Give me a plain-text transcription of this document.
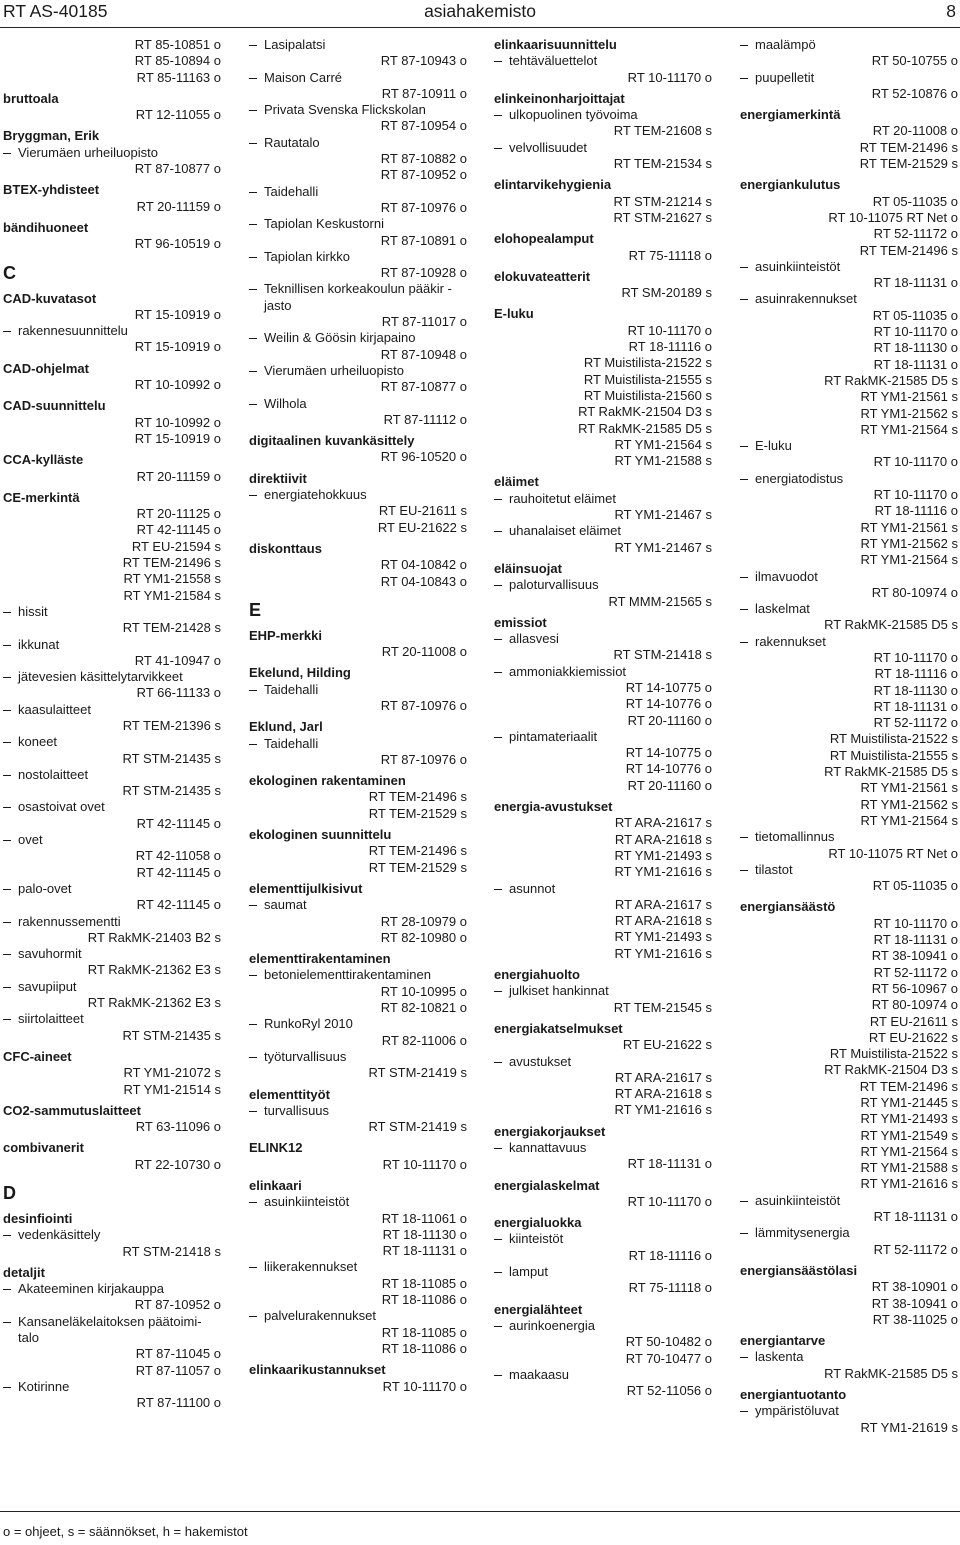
RT AS-40185	asiahakemisto	8
RT 85-10851 o
RT 85-10894 o
RT 85-11163 o
bruttoala
RT 12-11055 o
Bryggman, Erik
Vierumäen urheiluopisto
RT 87-10877 o
BTEX-yhdisteet
RT 20-11159 o
bändihuoneet
RT 96-10519 o
C
CAD-kuvatasot
RT 15-10919 o
rakennesuunnittelu
RT 15-10919 o
CAD-ohjelmat
RT 10-10992 o
CAD-suunnittelu
RT 10-10992 o
RT 15-10919 o
CCA-kylläste
RT 20-11159 o
CE-merkintä
RT 20-11125 o
RT 42-11145 o
RT EU-21594 s
RT TEM-21496 s
RT YM1-21558 s
RT YM1-21584 s
hissit
RT TEM-21428 s
ikkunat
RT 41-10947 o
jätevesien käsittelytarvikkeet
RT 66-11133 o
kaasulaitteet
RT TEM-21396 s
koneet
RT STM-21435 s
nostolaitteet
RT STM-21435 s
osastoivat ovet
RT 42-11145 o
ovet
RT 42-11058 o
RT 42-11145 o
palo-ovet
RT 42-11145 o
rakennussementti
RT RakMK-21403 B2 s
savuhormit
RT RakMK-21362 E3 s
savupiiput
RT RakMK-21362 E3 s
siirtolaitteet
RT STM-21435 s
CFC-aineet
RT YM1-21072 s
RT YM1-21514 s
CO2-sammutuslaitteet
RT 63-11096 o
combivanerit
RT 22-10730 o
D
desinfiointi
vedenkäsittely
RT STM-21418 s
detaljit
Akateeminen kirjakauppa
RT 87-10952 o
Kansaneläkelaitoksen päätoimi-
talo
RT 87-11045 o
RT 87-11057 o
Kotirinne
RT 87-11100 o
Lasipalatsi
RT 87-10943 o
Maison Carré
RT 87-10911 o
Privata Svenska Flickskolan
RT 87-10954 o
Rautatalo
RT 87-10882 o
RT 87-10952 o
Taidehalli
RT 87-10976 o
Tapiolan Keskustorni
RT 87-10891 o
Tapiolan kirkko
RT 87-10928 o
Teknillisen korkeakoulun pääkir -
jasto
RT 87-11017 o
Weilin & Göösin kirjapaino
RT 87-10948 o
Vierumäen urheiluopisto
RT 87-10877 o
Wilhola
RT 87-11112 o
digitaalinen kuvankäsittely
RT 96-10520 o
direktiivit
energiatehokkuus
RT EU-21611 s
RT EU-21622 s
diskonttaus
RT 04-10842 o
RT 04-10843 o
E
EHP-merkki
RT 20-11008 o
Ekelund, Hilding
Taidehalli
RT 87-10976 o
Eklund, Jarl
Taidehalli
RT 87-10976 o
ekologinen rakentaminen
RT TEM-21496 s
RT TEM-21529 s
ekologinen suunnittelu
RT TEM-21496 s
RT TEM-21529 s
elementtijulkisivut
saumat
RT 28-10979 o
RT 82-10980 o
elementtirakentaminen
betonielementtirakentaminen
RT 10-10995 o
RT 82-10821 o
RunkoRyl 2010
RT 82-11006 o
työturvallisuus
RT STM-21419 s
elementtityöt
turvallisuus
RT STM-21419 s
ELINK12
RT 10-11170 o
elinkaari
asuinkiinteistöt
RT 18-11061 o
RT 18-11130 o
RT 18-11131 o
liikerakennukset
RT 18-11085 o
RT 18-11086 o
palvelurakennukset
RT 18-11085 o
RT 18-11086 o
elinkaarikustannukset
RT 10-11170 o
elinkaarisuunnittelu
tehtäväluettelot
RT 10-11170 o
elinkeinonharjoittajat
ulkopuolinen työvoima
RT TEM-21608 s
velvollisuudet
RT TEM-21534 s
elintarvikehygienia
RT STM-21214 s
RT STM-21627 s
elohopealamput
RT 75-11118 o
elokuvateatterit
RT SM-20189 s
E-luku
RT 10-11170 o
RT 18-11116 o
RT Muistilista-21522 s
RT Muistilista-21555 s
RT Muistilista-21560 s
RT RakMK-21504 D3 s
RT RakMK-21585 D5 s
RT YM1-21564 s
RT YM1-21588 s
eläimet
rauhoitetut eläimet
RT YM1-21467 s
uhanalaiset eläimet
RT YM1-21467 s
eläinsuojat
paloturvallisuus
RT MMM-21565 s
emissiot
allasvesi
RT STM-21418 s
ammoniakkiemissiot
RT 14-10775 o
RT 14-10776 o
RT 20-11160 o
pintamateriaalit
RT 14-10775 o
RT 14-10776 o
RT 20-11160 o
energia-avustukset
RT ARA-21617 s
RT ARA-21618 s
RT YM1-21493 s
RT YM1-21616 s
asunnot
RT ARA-21617 s
RT ARA-21618 s
RT YM1-21493 s
RT YM1-21616 s
energiahuolto
julkiset hankinnat
RT TEM-21545 s
energiakatselmukset
RT EU-21622 s
avustukset
RT ARA-21617 s
RT ARA-21618 s
RT YM1-21616 s
energiakorjaukset
kannattavuus
RT 18-11131 o
energialaskelmat
RT 10-11170 o
energialuokka
kiinteistöt
RT 18-11116 o
lamput
RT 75-11118 o
energialähteet
aurinkoenergia
RT 50-10482 o
RT 70-10477 o
maakaasu
RT 52-11056 o
maalämpö
RT 50-10755 o
puupelletit
RT 52-10876 o
energiamerkintä
RT 20-11008 o
RT TEM-21496 s
RT TEM-21529 s
energiankulutus
RT 05-11035 o
RT 10-11075 RT Net o
RT 52-11172 o
RT TEM-21496 s
asuinkiinteistöt
RT 18-11131 o
asuinrakennukset
RT 05-11035 o
RT 10-11170 o
RT 18-11130 o
RT 18-11131 o
RT RakMK-21585 D5 s
RT YM1-21561 s
RT YM1-21562 s
RT YM1-21564 s
E-luku
RT 10-11170 o
energiatodistus
RT 10-11170 o
RT 18-11116 o
RT YM1-21561 s
RT YM1-21562 s
RT YM1-21564 s
ilmavuodot
RT 80-10974 o
laskelmat
RT RakMK-21585 D5 s
rakennukset
RT 10-11170 o
RT 18-11116 o
RT 18-11130 o
RT 18-11131 o
RT 52-11172 o
RT Muistilista-21522 s
RT Muistilista-21555 s
RT RakMK-21585 D5 s
RT YM1-21561 s
RT YM1-21562 s
RT YM1-21564 s
tietomallinnus
RT 10-11075 RT Net o
tilastot
RT 05-11035 o
energiansäästö
RT 10-11170 o
RT 18-11131 o
RT 38-10941 o
RT 52-11172 o
RT 56-10967 o
RT 80-10974 o
RT EU-21611 s
RT EU-21622 s
RT Muistilista-21522 s
RT RakMK-21504 D3 s
RT TEM-21496 s
RT YM1-21445 s
RT YM1-21493 s
RT YM1-21549 s
RT YM1-21564 s
RT YM1-21588 s
RT YM1-21616 s
asuinkiinteistöt
RT 18-11131 o
lämmitysenergia
RT 52-11172 o
energiansäästölasi
RT 38-10901 o
RT 38-10941 o
RT 38-11025 o
energiantarve
laskenta
RT RakMK-21585 D5 s
energiantuotanto
ympäristöluvat
RT YM1-21619 s
o = ohjeet, s = säännökset, h = hakemistot
